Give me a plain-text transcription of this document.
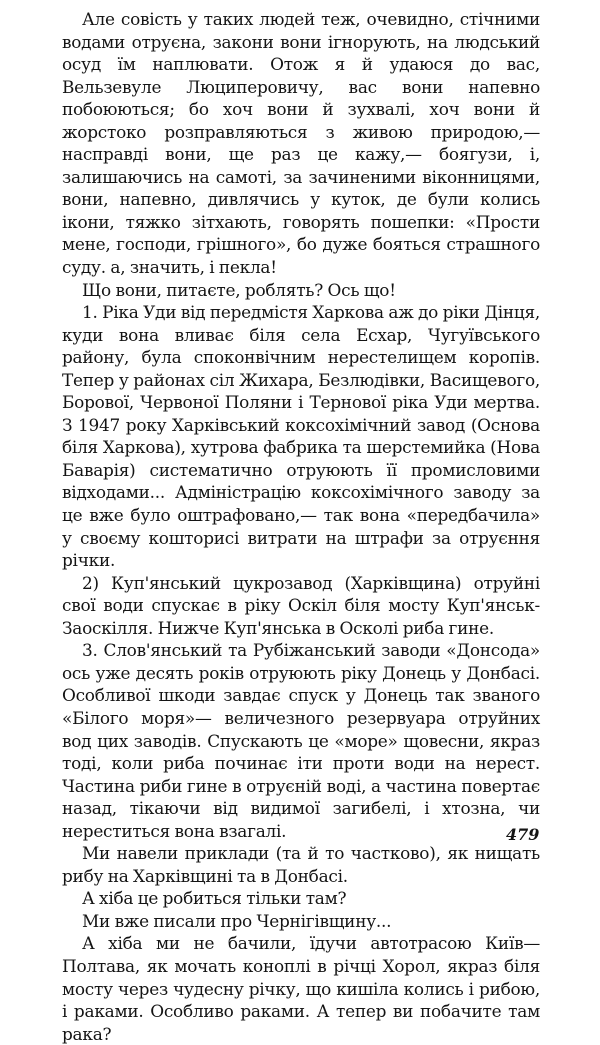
Але совість у таких людей теж, очевидно, стічними водами отруєна, закони вони ігнорують, на людський осуд їм наплювати. Отож я й удаюся до вас, Вельзевуле Люциперовичу, вас вони напевно побоюються; бо хоч вони й зухвалі, хоч вони й жорстоко розправляються з живою природою,— насправді вони, ще раз це кажу,— боягузи, і, залишаючись на самоті, за зачиненими віконницями, вони, напевно, дивлячись у куток, де були колись ікони, тяжко зітхають, говорять пошепки: «Прости мене, господи, грішного», бо дуже бояться страшного суду. а, значить, і пекла!

Що вони, питаєте, роблять? Ось що!

1. Ріка Уди від передмістя Харкова аж до ріки Дінця, куди вона вливає біля села Есхар, Чугуївського району, була споконвічним нерестелищем коропів. Тепер у районах сіл Жихара, Безлюдівки, Васищевого, Борової, Червоної Поляни і Тернової ріка Уди мертва. З 1947 року Харківський коксохімічний завод (Основа біля Харкова), хутрова фабрика та шерстемийка (Нова Баварія) систематично отруюють її промисловими відходами... Адміністрацію коксохімічного заводу за це вже було оштрафовано,— так вона «передбачила» у своєму кошторисі витрати на штрафи за отруєння річки.

2) Куп'янський цукрозавод (Харківщина) отруйні свої води спускає в ріку Оскіл біля мосту Куп'янськ-Заоскілля. Нижче Куп'янська в Осколі риба гине.

3. Слов'янський та Рубіжанський заводи «Донсода» ось уже десять років отруюють ріку Донець у Донбасі. Особливої шкоди завдає спуск у Донець так званого «Білого моря»— величезного резервуара отруйних вод цих заводів. Спускають це «море» щовесни, якраз тоді, коли риба починає іти проти води на нерест. Частина риби гине в отруєній воді, а частина повертає назад, тікаючи від видимої загибелі, і хтозна, чи нереститься вона взагалі.

Ми навели приклади (та й то частково), як нищать рибу на Харківщині та в Донбасі.

А хіба це робиться тільки там?

Ми вже писали про Чернігівщину...

А хіба ми не бачили, їдучи автотрасою Київ—Полтава, як мочать коноплі в річці Хорол, якраз біля мосту через чудесну річку, що кишіла колись і рибою, і раками. Особливо раками. А тепер ви побачите там рака?

479
